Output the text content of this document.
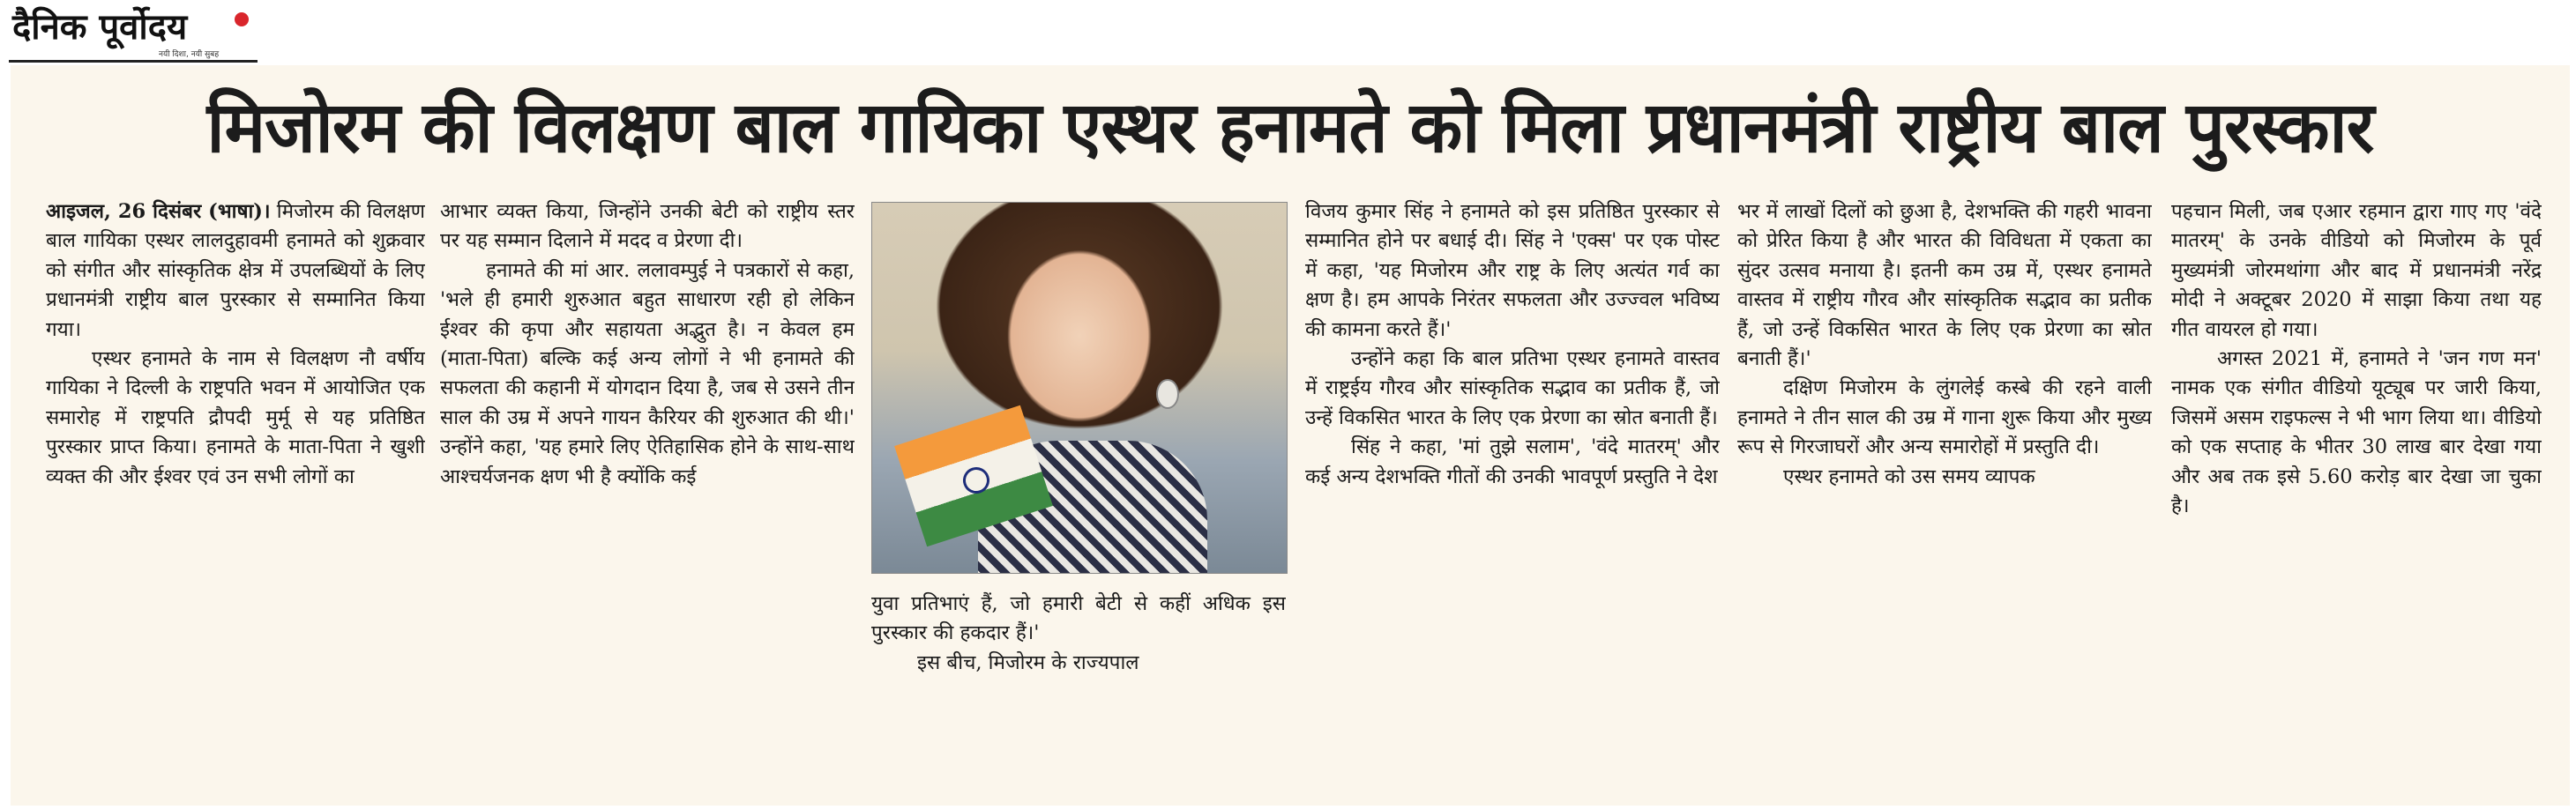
दैनिक पूर्वोदय
नयी दिशा, नयी सुबह
मिजोरम की विलक्षण बाल गायिका एस्थर हनामते को मिला प्रधानमंत्री राष्ट्रीय बाल पुरस्कार

आइजल, 26 दिसंबर (भाषा)। मिजोरम की विलक्षण बाल गायिका एस्थर लालदुहावमी हनामते को शुक्रवार को संगीत और सांस्कृतिक क्षेत्र में उपलब्धियों के लिए प्रधानमंत्री राष्ट्रीय बाल पुरस्कार से सम्मानित किया गया।

एस्थर हनामते के नाम से विलक्षण नौ वर्षीय गायिका ने दिल्ली के राष्ट्रपति भवन में आयोजित एक समारोह में राष्ट्रपति द्रौपदी मुर्मू से यह प्रतिष्ठित पुरस्कार प्राप्त किया। हनामते के माता-पिता ने खुशी व्यक्त की और ईश्वर एवं उन सभी लोगों का

आभार व्यक्त किया, जिन्होंने उनकी बेटी को राष्ट्रीय स्तर पर यह सम्मान दिलाने में मदद व प्रेरणा दी।

हनामते की मां आर. ललावम्पुई ने पत्रकारों से कहा, 'भले ही हमारी शुरुआत बहुत साधारण रही हो लेकिन ईश्वर की कृपा और सहायता अद्भुत है। न केवल हम (माता-पिता) बल्कि कई अन्य लोगों ने भी हनामते की सफलता की कहानी में योगदान दिया है, जब से उसने तीन साल की उम्र में अपने गायन कैरियर की शुरुआत की थी।' उन्होंने कहा, 'यह हमारे लिए ऐतिहासिक होने के साथ-साथ आश्चर्यजनक क्षण भी है क्योंकि कई

युवा प्रतिभाएं हैं, जो हमारी बेटी से कहीं अधिक इस पुरस्कार की हकदार हैं।'

इस बीच, मिजोरम के राज्यपाल

विजय कुमार सिंह ने हनामते को इस प्रतिष्ठित पुरस्कार से सम्मानित होने पर बधाई दी। सिंह ने 'एक्स' पर एक पोस्ट में कहा, 'यह मिजोरम और राष्ट्र के लिए अत्यंत गर्व का क्षण है। हम आपके निरंतर सफलता और उज्ज्वल भविष्य की कामना करते हैं।'

उन्होंने कहा कि बाल प्रतिभा एस्थर हनामते वास्तव में राष्ट्रईय गौरव और सांस्कृतिक सद्भाव का प्रतीक हैं, जो उन्हें विकसित भारत के लिए एक प्रेरणा का स्रोत बनाती हैं।

सिंह ने कहा, 'मां तुझे सलाम', 'वंदे मातरम्' और कई अन्य देशभक्ति गीतों की उनकी भावपूर्ण प्रस्तुति ने देश

भर में लाखों दिलों को छुआ है, देशभक्ति की गहरी भावना को प्रेरित किया है और भारत की विविधता में एकता का सुंदर उत्सव मनाया है। इतनी कम उम्र में, एस्थर हनामते वास्तव में राष्ट्रीय गौरव और सांस्कृतिक सद्भाव का प्रतीक हैं, जो उन्हें विकसित भारत के लिए एक प्रेरणा का स्रोत बनाती हैं।'

दक्षिण मिजोरम के लुंगलेई कस्बे की रहने वाली हनामते ने तीन साल की उम्र में गाना शुरू किया और मुख्य रूप से गिरजाघरों और अन्य समारोहों में प्रस्तुति दी।

एस्थर हनामते को उस समय व्यापक

पहचान मिली, जब एआर रहमान द्वारा गाए गए 'वंदे मातरम्' के उनके वीडियो को मिजोरम के पूर्व मुख्यमंत्री जोरमथांगा और बाद में प्रधानमंत्री नरेंद्र मोदी ने अक्टूबर 2020 में साझा किया तथा यह गीत वायरल हो गया।

अगस्त 2021 में, हनामते ने 'जन गण मन' नामक एक संगीत वीडियो यूट्यूब पर जारी किया, जिसमें असम राइफल्स ने भी भाग लिया था। वीडियो को एक सप्ताह के भीतर 30 लाख बार देखा गया और अब तक इसे 5.60 करोड़ बार देखा जा चुका है।
